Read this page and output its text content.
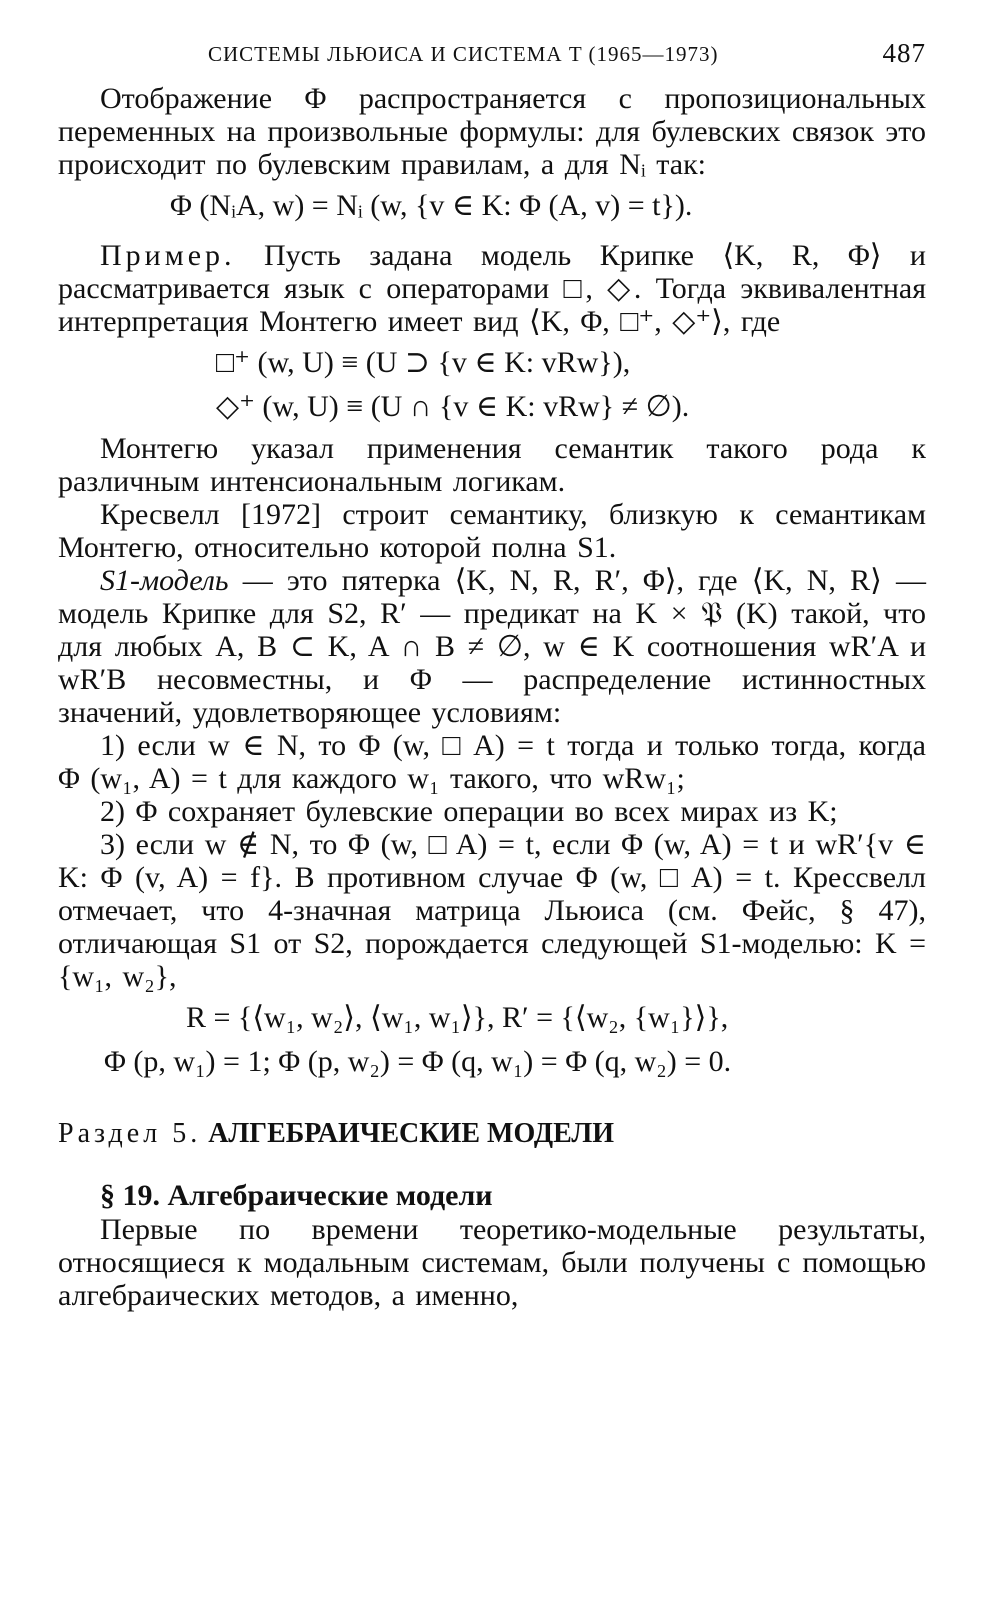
СИСТЕМЫ ЛЬЮИСА И СИСТЕМА T (1965—1973)	487

Отображение Φ распространяется с пропозициональных переменных на произвольные формулы: для булевских связок это происходит по булевским правилам, а для Nᵢ так:

Φ (NᵢA, w) = Nᵢ (w, {v ∈ K: Φ (A, v) = t}).

Пример. Пусть задана модель Крипке ⟨K, R, Φ⟩ и рассматривается язык с операторами □, ◇. Тогда эквивалентная интерпретация Монтегю имеет вид ⟨K, Φ, □⁺, ◇⁺⟩, где

□⁺ (w, U) ≡ (U ⊃ {v ∈ K: vRw}),
◇⁺ (w, U) ≡ (U ∩ {v ∈ K: vRw} ≠ ∅).

Монтегю указал применения семантик такого рода к различным интенсиональным логикам.

Кресвелл [1972] строит семантику, близкую к семантикам Монтегю, относительно которой полна S1.

S1-модель — это пятерка ⟨K, N, R, R′, Φ⟩, где ⟨K, N, R⟩ — модель Крипке для S2, R′ — предикат на K × 𝔓 (K) такой, что для любых A, B ⊂ K, A ∩ B ≠ ∅, w ∈ K соотношения wR′A и wR′B несовместны, и Φ — распределение истинностных значений, удовлетворяющее условиям:

1) если w ∈ N, то Φ (w, □ A) = t тогда и только тогда, когда Φ (w₁, A) = t для каждого w₁ такого, что wRw₁;

2) Φ сохраняет булевские операции во всех мирах из K;

3) если w ∉ N, то Φ (w, □ A) = t, если Φ (w, A) = t и wR′{v ∈ K: Φ (v, A) = f}. В противном случае Φ (w, □ A) = t. Крессвелл отмечает, что 4-значная матрица Льюиса (см. Фейс, § 47), отличающая S1 от S2, порождается следующей S1-моделью: K = {w₁, w₂},

R = {⟨w₁, w₂⟩, ⟨w₁, w₁⟩}, R′ = {⟨w₂, {w₁}⟩},
Φ (p, w₁) = 1; Φ (p, w₂) = Φ (q, w₁) = Φ (q, w₂) = 0.
Раздел 5. АЛГЕБРАИЧЕСКИЕ МОДЕЛИ
§ 19. Алгебраические модели

Первые по времени теоретико-модельные результаты, относящиеся к модальным системам, были получены с помощью алгебраических методов, а именно,
